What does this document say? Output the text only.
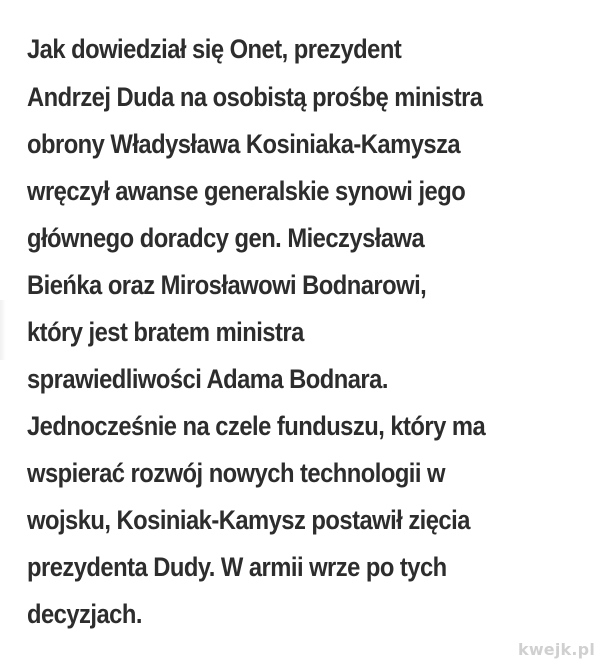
Jak dowiedział się Onet, prezydent
Andrzej Duda na osobistą prośbę ministra
obrony Władysława Kosiniaka-Kamysza
wręczył awanse generalskie synowi jego
głównego doradcy gen. Mieczysława
Bieńka oraz Mirosławowi Bodnarowi,
który jest bratem ministra
sprawiedliwości Adama Bodnara.
Jednocześnie na czele funduszu, który ma
wspierać rozwój nowych technologii w
wojsku, Kosiniak-Kamysz postawił zięcia
prezydenta Dudy. W armii wrze po tych
decyzjach.
kwejk.pl
